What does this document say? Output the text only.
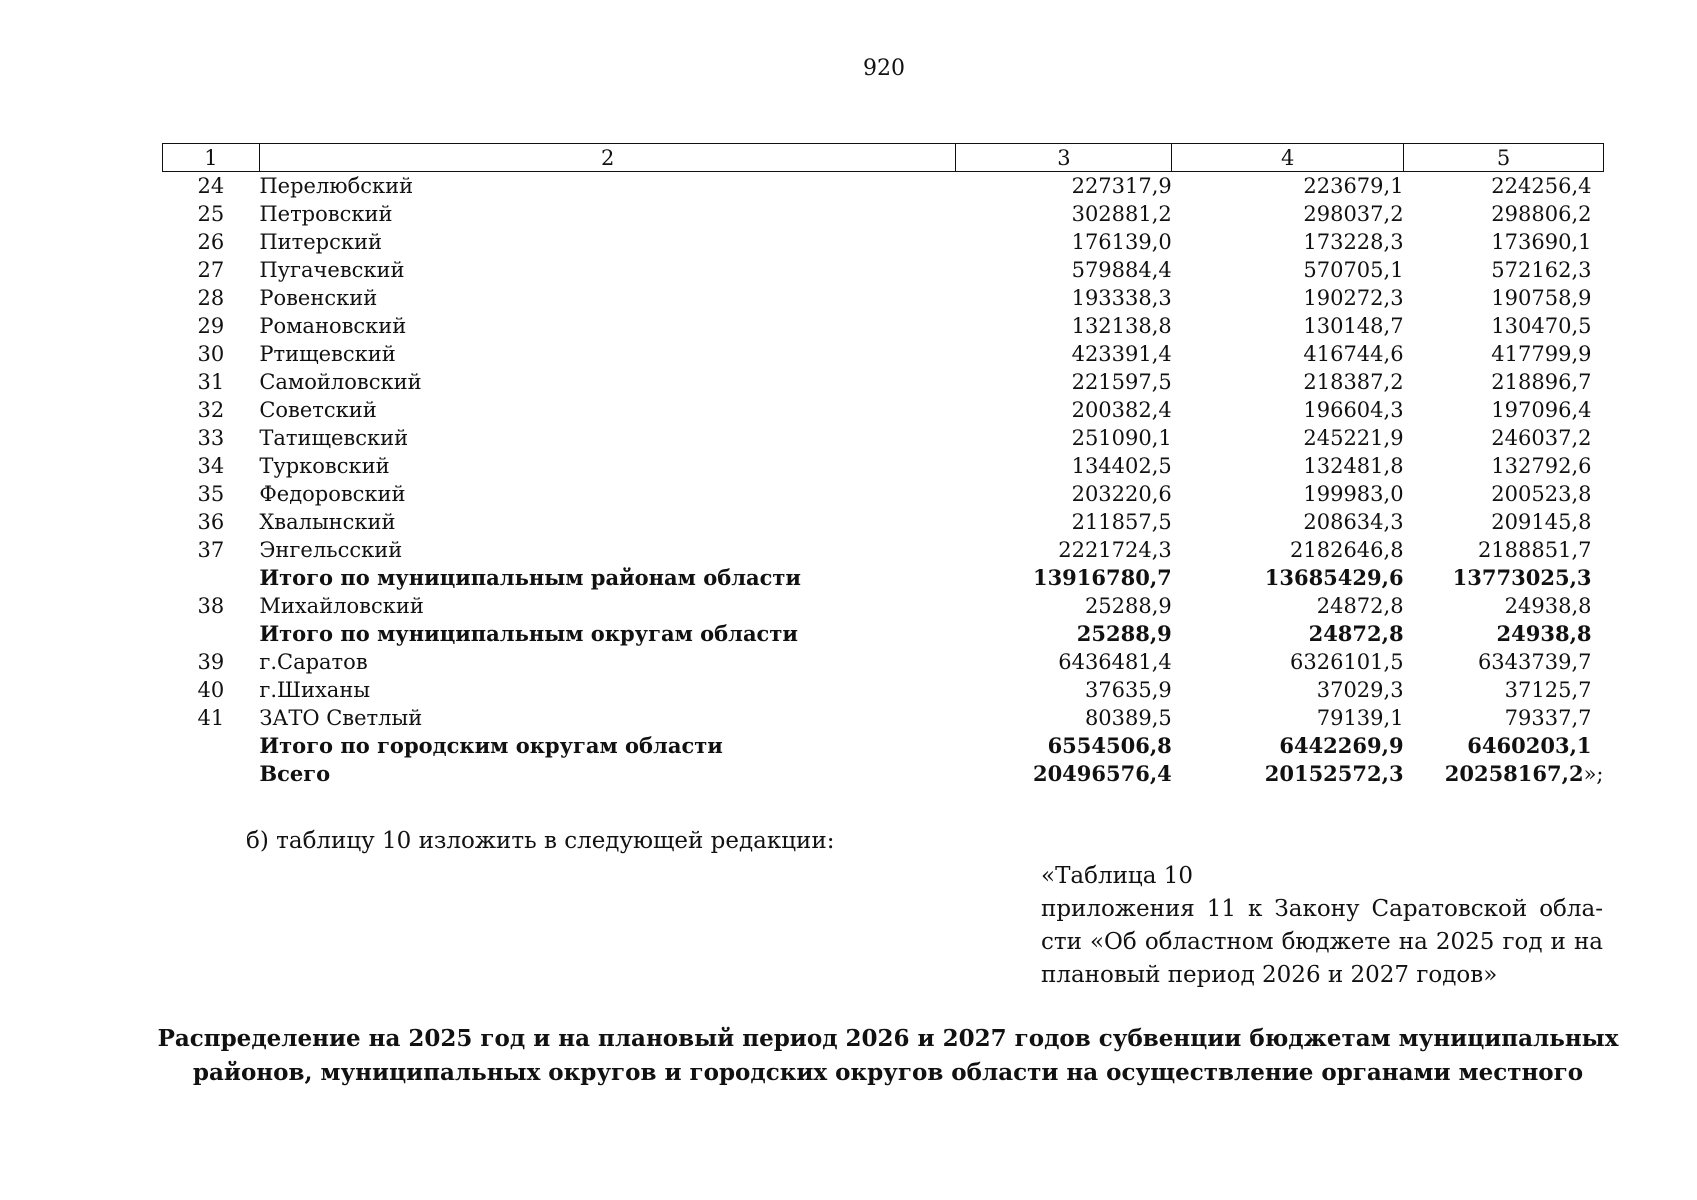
920
1	2	3	4	5
24	Перелюбский	227317,9	223679,1	224256,4
25	Петровский	302881,2	298037,2	298806,2
26	Питерский	176139,0	173228,3	173690,1
27	Пугачевский	579884,4	570705,1	572162,3
28	Ровенский	193338,3	190272,3	190758,9
29	Романовский	132138,8	130148,7	130470,5
30	Ртищевский	423391,4	416744,6	417799,9
31	Самойловский	221597,5	218387,2	218896,7
32	Советский	200382,4	196604,3	197096,4
33	Татищевский	251090,1	245221,9	246037,2
34	Турковский	134402,5	132481,8	132792,6
35	Федоровский	203220,6	199983,0	200523,8
36	Хвалынский	211857,5	208634,3	209145,8
37	Энгельсский	2221724,3	2182646,8	2188851,7
	Итого по муниципальным районам области	13916780,7	13685429,6	13773025,3
38	Михайловский	25288,9	24872,8	24938,8
	Итого по муниципальным округам области	25288,9	24872,8	24938,8
39	г.Саратов	6436481,4	6326101,5	6343739,7
40	г.Шиханы	37635,9	37029,3	37125,7
41	ЗАТО Светлый	80389,5	79139,1	79337,7
	Итого по городским округам области	6554506,8	6442269,9	6460203,1
	Всего	20496576,4	20152572,3	20258167,2»;
б) таблицу 10 изложить в следующей редакции:
«Таблица 10
приложения 11 к Закону Саратовской обла-
сти «Об областном бюджете на 2025 год и на
плановый период 2026 и 2027 годов»
Распределение на 2025 год и на плановый период 2026 и 2027 годов субвенции бюджетам муниципальных
районов, муниципальных округов и городских округов области на осуществление органами местного
